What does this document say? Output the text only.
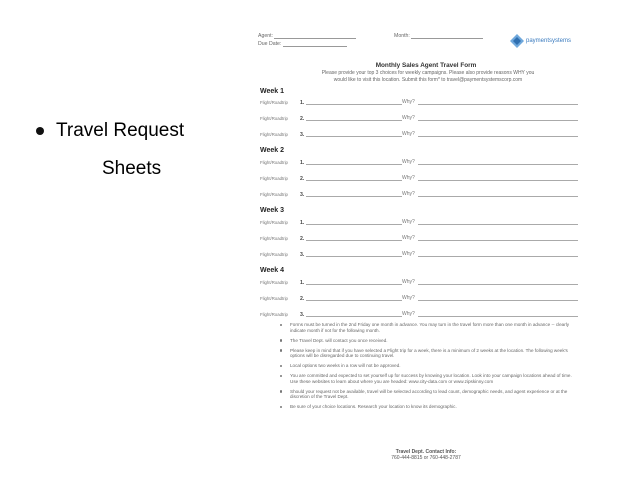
Travel Request
Sheets
Agent:	Month:
Due Date:	paymentsystems
Monthly Sales Agent Travel Form
Please provide your top 3 choices for weekly campaigns. Please also provide reasons WHY you
would like to visit this location. Submit this form* to travel@paymentsystemscorp.com
Week 1
Flight/Roadtrip 1.	Why?
Flight/Roadtrip 2.	Why?
Flight/Roadtrip 3.	Why?
Week 2
Flight/Roadtrip 1.	Why?
Flight/Roadtrip 2.	Why?
Flight/Roadtrip 3.	Why?
Week 3
Flight/Roadtrip 1.	Why?
Flight/Roadtrip 2.	Why?
Flight/Roadtrip 3.	Why?
Week 4
Flight/Roadtrip 1.	Why?
Flight/Roadtrip 2.	Why?
Flight/Roadtrip 3.	Why?
Forms must be turned in the 2nd Friday one month in advance. You may turn in the travel form more than one month in advance -- clearly indicate month if not for the following month.
The Travel Dept. will contact you once received.
Please keep in mind that if you have selected a Flight trip for a week, there is a minimum of 2 weeks at the location. The following week's options will be disregarded due to continuing travel.
Local options two weeks in a row will not be approved.
You are committed and expected to set yourself up for success by knowing your location. Look into your campaign locations ahead of time. Use these websites to learn about where you are headed: www.city-data.com or www.zipskinny.com
Should your request not be available, travel will be selected according to lead count, demographic needs, and agent experience or at the discretion of the Travel Dept.
Be sure of your choice locations. Research your location to know its demographic.
Travel Dept. Contact Info:
760-444-8815 or 760-448-2787
